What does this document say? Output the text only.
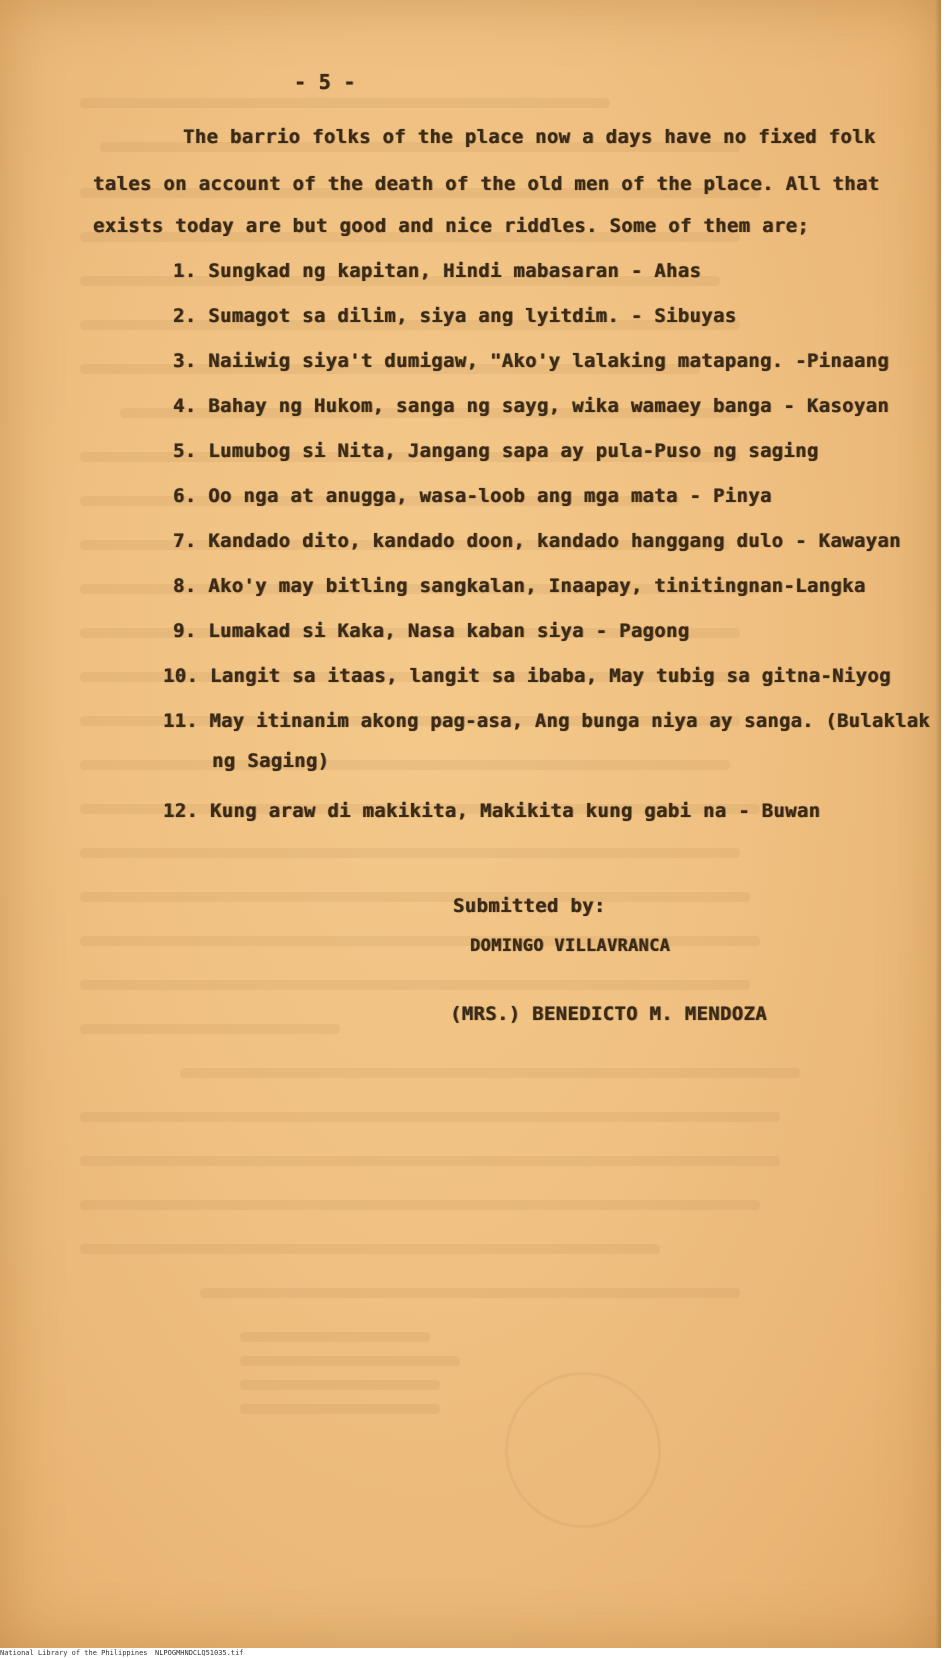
- 5 -
The barrio folks of the place now a days have no fixed folk
tales on account of the death of the old men of the place. All that
exists today are but good and nice riddles. Some of them are;
1. Sungkad ng kapitan, Hindi mabasaran - Ahas
2. Sumagot sa dilim, siya ang lyitdim. - Sibuyas
3. Naiiwig siya't dumigaw, "Ako'y lalaking matapang. -Pinaang
4. Bahay ng Hukom, sanga ng sayg, wika wamaey banga - Kasoyan
5. Lumubog si Nita, Jangang sapa ay pula-Puso ng saging
6. Oo nga at anugga, wasa-loob ang mga mata - Pinya
7. Kandado dito, kandado doon, kandado hanggang dulo - Kawayan
8. Ako'y may bitling sangkalan, Inaapay, tinitingnan-Langka
9. Lumakad si Kaka, Nasa kaban siya - Pagong
10. Langit sa itaas, langit sa ibaba, May tubig sa gitna-Niyog
11. May itinanim akong pag-asa, Ang bunga niya ay sanga. (Bulaklak
ng Saging)
12. Kung araw di makikita, Makikita kung gabi na - Buwan
Submitted by:
DOMINGO VILLAVRANCA
(MRS.) BENEDICTO M. MENDOZA
National Library of the Philippines NLPOGMHNDCLQ51035.tif
